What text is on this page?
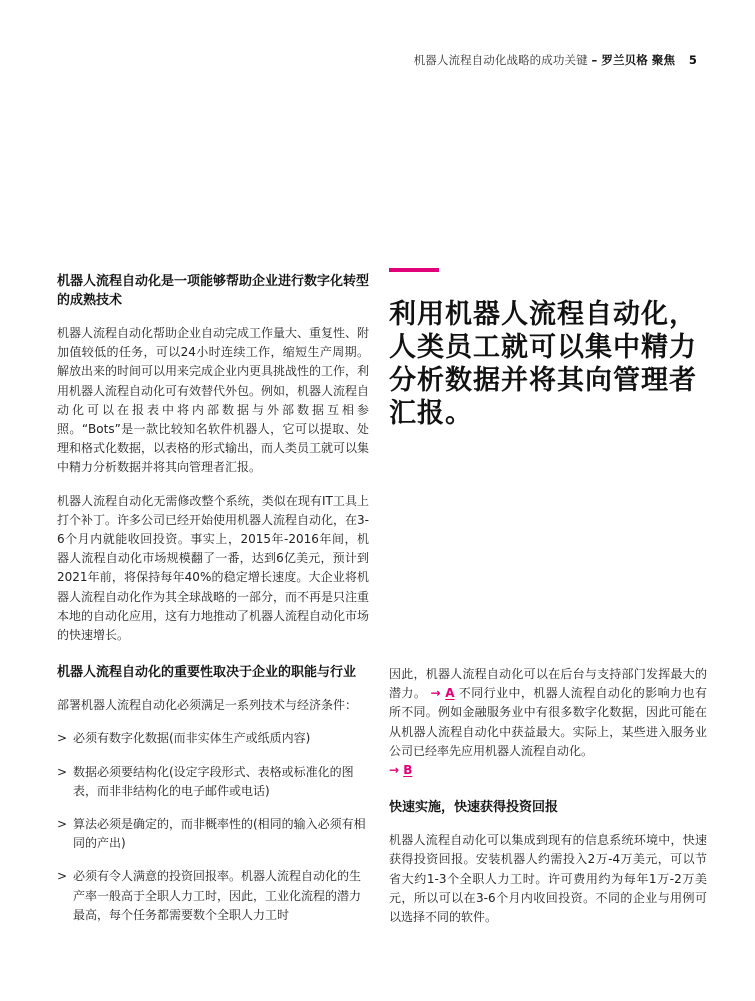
机器人流程自动化战略的成功关键 – 罗兰贝格 聚焦 5
机器人流程自动化是一项能够帮助企业进行数字化转型的成熟技术

机器人流程自动化帮助企业自动完成工作量大、重复性、附加值较低的任务，可以24小时连续工作，缩短生产周期。解放出来的时间可以用来完成企业内更具挑战性的工作，利用机器人流程自动化可有效替代外包。例如，机器人流程自动化可以在报表中将内部数据与外部数据互相参照。“Bots”是一款比较知名软件机器人，它可以提取、处理和格式化数据，以表格的形式输出，而人类员工就可以集中精力分析数据并将其向管理者汇报。

机器人流程自动化无需修改整个系统，类似在现有IT工具上打个补丁。许多公司已经开始使用机器人流程自动化，在3-6个月内就能收回投资。事实上，2015年-2016年间，机器人流程自动化市场规模翻了一番，达到6亿美元，预计到2021年前，将保持每年40%的稳定增长速度。大企业将机器人流程自动化作为其全球战略的一部分，而不再是只注重本地的自动化应用，这有力地推动了机器人流程自动化市场的快速增长。

机器人流程自动化的重要性取决于企业的职能与行业

部署机器人流程自动化必须满足一系列技术与经济条件：

> 必须有数字化数据(而非实体生产或纸质内容)
> 数据必须要结构化(设定字段形式、表格或标准化的图表，而非非结构化的电子邮件或电话)
> 算法必须是确定的，而非概率性的(相同的输入必须有相同的产出)
> 必须有令人满意的投资回报率。机器人流程自动化的生产率一般高于全职人力工时，因此，工业化流程的潜力最高，每个任务都需要数个全职人力工时

利用机器人流程自动化，人类员工就可以集中精力分析数据并将其向管理者汇报。

因此，机器人流程自动化可以在后台与支持部门发挥最大的潜力。 → A 不同行业中，机器人流程自动化的影响力也有所不同。例如金融服务业中有很多数字化数据，因此可能在从机器人流程自动化中获益最大。实际上，某些进入服务业公司已经率先应用机器人流程自动化。
→ B

快速实施，快速获得投资回报

机器人流程自动化可以集成到现有的信息系统环境中，快速获得投资回报。安装机器人约需投入2万-4万美元，可以节省大约1-3个全职人力工时。许可费用约为每年1万-2万美元，所以可以在3-6个月内收回投资。不同的企业与用例可以选择不同的软件。
